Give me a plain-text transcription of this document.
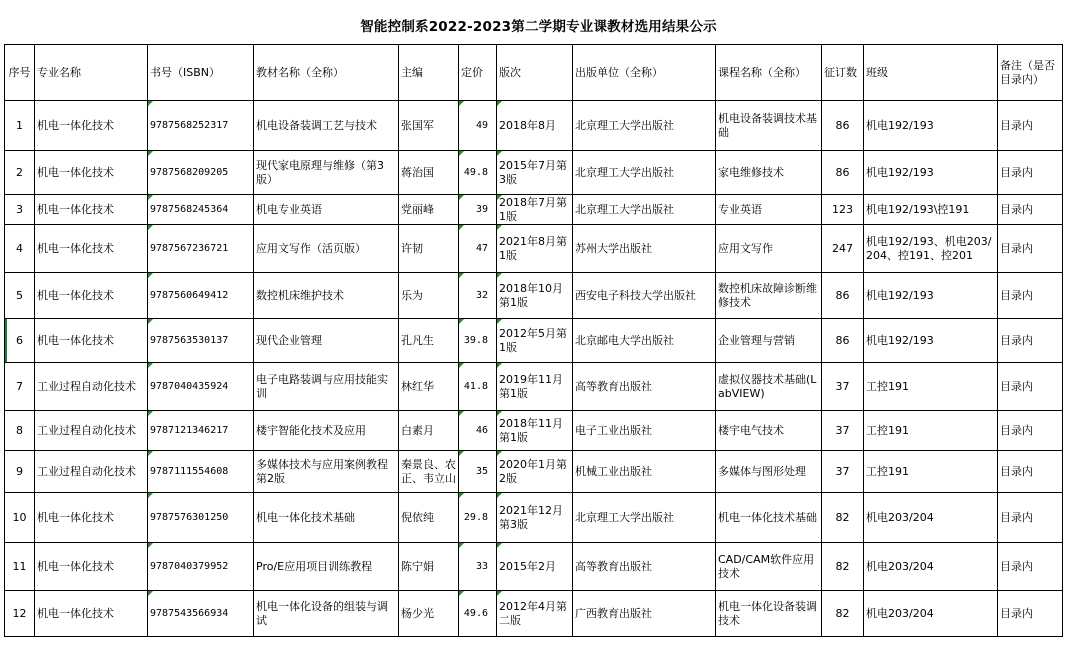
智能控制系2022-2023第二学期专业课教材选用结果公示
序号	专业名称	书号（ISBN）	教材名称（全称）	主编	定价	版次	出版单位（全称）	课程名称（全称）	征订数	班级	备注（是否目录内）
1	机电一体化技术	9787568252317	机电设备装调工艺与技术	张国军	49	2018年8月	北京理工大学出版社	机电设备装调技术基础	86	机电192/193	目录内
2	机电一体化技术	9787568209205	现代家电原理与维修（第3版）	蒋治国	49.8	2015年7月第3版	北京理工大学出版社	家电维修技术	86	机电192/193	目录内
3	机电一体化技术	9787568245364	机电专业英语	党丽峰	39	2018年7月第1版	北京理工大学出版社	专业英语	123	机电192/193\控191	目录内
4	机电一体化技术	9787567236721	应用文写作（活页版）	许韧	47	2021年8月第1版	苏州大学出版社	应用文写作	247	机电192/193、机电203/204、控191、控201	目录内
5	机电一体化技术	9787560649412	数控机床维护技术	乐为	32	2018年10月第1版	西安电子科技大学出版社	数控机床故障诊断维修技术	86	机电192/193	目录内
6	机电一体化技术	9787563530137	现代企业管理	孔凡生	39.8	2012年5月第1版	北京邮电大学出版社	企业管理与营销	86	机电192/193	目录内
7	工业过程自动化技术	9787040435924	电子电路装调与应用技能实训	林红华	41.8	2019年11月第1版	高等教育出版社	虚拟仪器技术基础(LabVIEW)	37	工控191	目录内
8	工业过程自动化技术	9787121346217	楼宇智能化技术及应用	白素月	46	2018年11月第1版	电子工业出版社	楼宇电气技术	37	工控191	目录内
9	工业过程自动化技术	9787111554608	多媒体技术与应用案例教程 第2版	秦景良、农正、韦立山	35	2020年1月第2版	机械工业出版社	多媒体与图形处理	37	工控191	目录内
10	机电一体化技术	9787576301250	机电一体化技术基础	倪依纯	29.8	2021年12月第3版	北京理工大学出版社	机电一体化技术基础	82	机电203/204	目录内
11	机电一体化技术	9787040379952	Pro/E应用项目训练教程	陈宁娟	33	2015年2月	高等教育出版社	CAD/CAM软件应用技术	82	机电203/204	目录内
12	机电一体化技术	9787543566934	机电一体化设备的组装与调试	杨少光	49.6	2012年4月第二版	广西教育出版社	机电一体化设备装调技术	82	机电203/204	目录内
